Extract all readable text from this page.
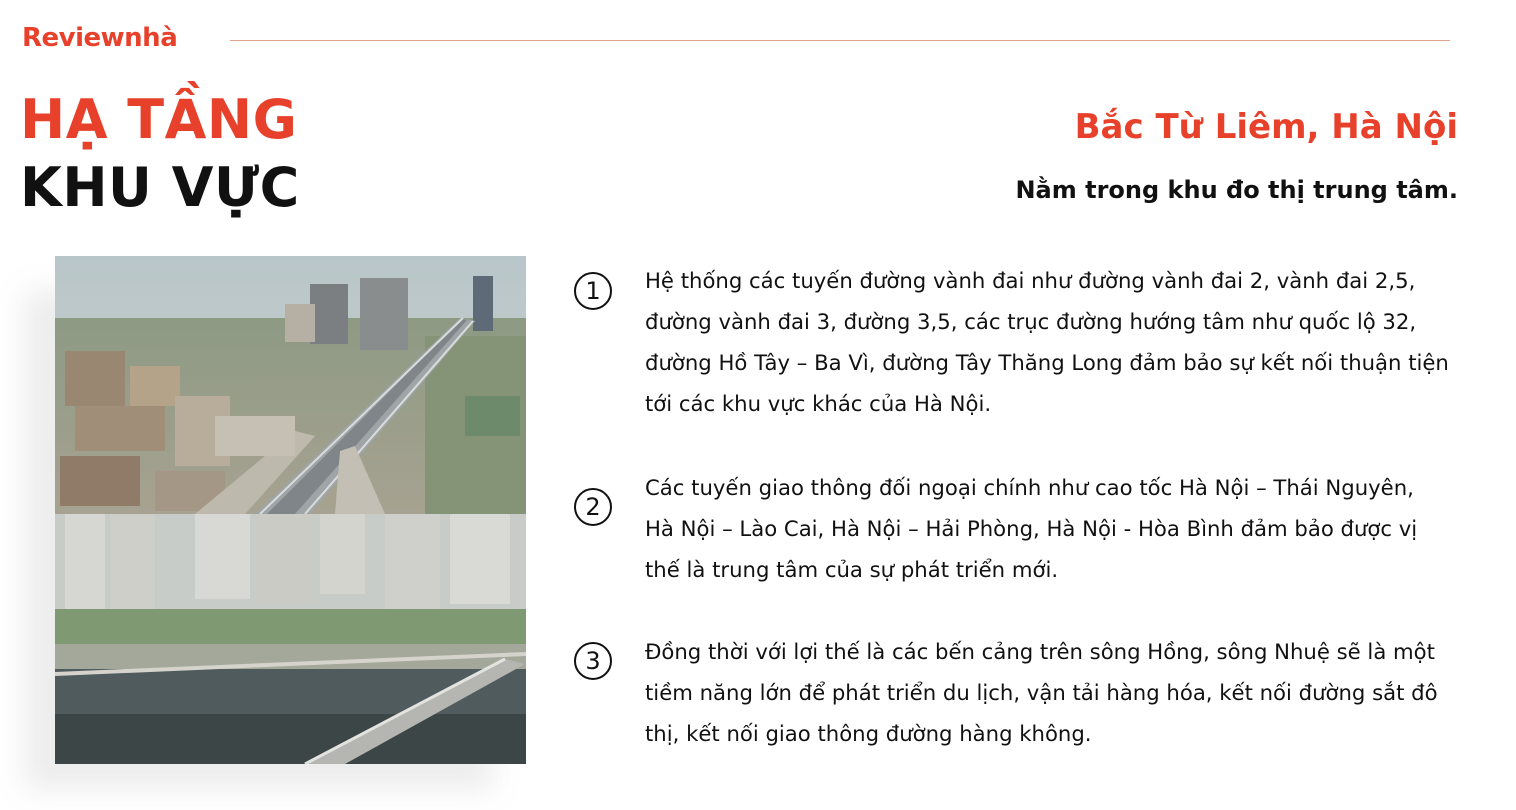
Reviewnhà
HẠ TẦNG
KHU VỰC
Bắc Từ Liêm, Hà Nội
Nằm trong khu đo thị trung tâm.
1	Hệ thống các tuyến đường vành đai như đường vành đai 2, vành đai 2,5, đường vành đai 3, đường 3,5, các trục đường hướng tâm như quốc lộ 32, đường Hồ Tây – Ba Vì, đường Tây Thăng Long đảm bảo sự kết nối thuận tiện tới các khu vực khác của Hà Nội.
2
Các tuyến giao thông đối ngoại chính như cao tốc Hà Nội – Thái Nguyên, Hà Nội – Lào Cai, Hà Nội – Hải Phòng, Hà Nội - Hòa Bình đảm bảo được vị thế là trung tâm của sự phát triển mới.
3	Đồng thời với lợi thế là các bến cảng trên sông Hồng, sông Nhuệ sẽ là một tiềm năng lớn để phát triển du lịch, vận tải hàng hóa, kết nối đường sắt đô thị, kết nối giao thông đường hàng không.
